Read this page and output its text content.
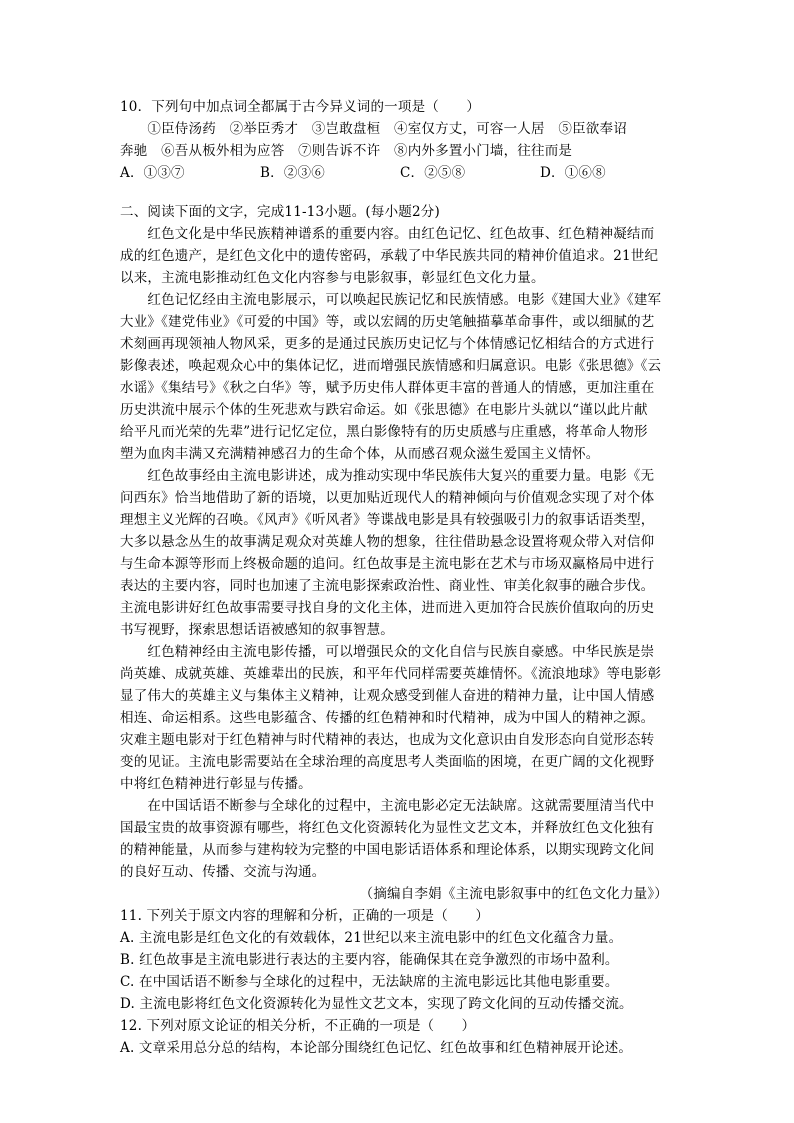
10．下列句中加点词全都属于古今异义词的一项是（　　）
　　①臣侍汤药　②举臣秀才　③岂敢盘桓　④室仅方丈，可容一人居　⑤臣欲奉诏
奔驰　⑥吾从板外相为应答　⑦则告诉不许　⑧内外多置小门墙，往往而是
A．①③⑦	B．②③⑥	C．②⑤⑧	D．①⑥⑧
二、阅读下面的文字，完成11-13小题。(每小题2分)
　　红色文化是中华民族精神谱系的重要内容。由红色记忆、红色故事、红色精神凝结而
成的红色遗产，是红色文化中的遗传密码，承载了中华民族共同的精神价值追求。21世纪
以来，主流电影推动红色文化内容参与电影叙事，彰显红色文化力量。
　　红色记忆经由主流电影展示，可以唤起民族记忆和民族情感。电影《建国大业》《建军
大业》《建党伟业》《可爱的中国》等，或以宏阔的历史笔触描摹革命事件，或以细腻的艺
术刻画再现领袖人物风采，更多的是通过民族历史记忆与个体情感记忆相结合的方式进行
影像表述，唤起观众心中的集体记忆，进而增强民族情感和归属意识。电影《张思德》《云
水谣》《集结号》《秋之白华》等，赋予历史伟人群体更丰富的普通人的情感，更加注重在
历史洪流中展示个体的生死悲欢与跌宕命运。如《张思德》在电影片头就以“谨以此片献
给平凡而光荣的先辈”进行记忆定位，黑白影像特有的历史质感与庄重感，将革命人物形
塑为血肉丰满又充满精神感召力的生命个体，从而感召观众滋生爱国主义情怀。
　　红色故事经由主流电影讲述，成为推动实现中华民族伟大复兴的重要力量。电影《无
问西东》恰当地借助了新的语境，以更加贴近现代人的精神倾向与价值观念实现了对个体
理想主义光辉的召唤。《风声》《听风者》等谍战电影是具有较强吸引力的叙事话语类型，
大多以悬念丛生的故事满足观众对英雄人物的想象，往往借助悬念设置将观众带入对信仰
与生命本源等形而上终极命题的追问。红色故事是主流电影在艺术与市场双赢格局中进行
表达的主要内容，同时也加速了主流电影探索政治性、商业性、审美化叙事的融合步伐。
主流电影讲好红色故事需要寻找自身的文化主体，进而进入更加符合民族价值取向的历史
书写视野，探索思想话语被感知的叙事智慧。
　　红色精神经由主流电影传播，可以增强民众的文化自信与民族自豪感。中华民族是崇
尚英雄、成就英雄、英雄辈出的民族，和平年代同样需要英雄情怀。《流浪地球》等电影彰
显了伟大的英雄主义与集体主义精神，让观众感受到催人奋进的精神力量，让中国人情感
相连、命运相系。这些电影蕴含、传播的红色精神和时代精神，成为中国人的精神之源。
灾难主题电影对于红色精神与时代精神的表达，也成为文化意识由自发形态向自觉形态转
变的见证。主流电影需要站在全球治理的高度思考人类面临的困境，在更广阔的文化视野
中将红色精神进行彰显与传播。
　　在中国话语不断参与全球化的过程中，主流电影必定无法缺席。这就需要厘清当代中
国最宝贵的故事资源有哪些，将红色文化资源转化为显性文艺文本，并释放红色文化独有
的精神能量，从而参与建构较为完整的中国电影话语体系和理论体系，以期实现跨文化间
的良好互动、传播、交流与沟通。
（摘编自李娟《主流电影叙事中的红色文化力量》）
11. 下列关于原文内容的理解和分析，正确的一项是（　　）
A. 主流电影是红色文化的有效载体，21世纪以来主流电影中的红色文化蕴含力量。
B. 红色故事是主流电影进行表达的主要内容，能确保其在竞争激烈的市场中盈利。
C. 在中国话语不断参与全球化的过程中，无法缺席的主流电影远比其他电影重要。
D. 主流电影将红色文化资源转化为显性文艺文本，实现了跨文化间的互动传播交流。
12. 下列对原文论证的相关分析，不正确的一项是（　　）
A. 文章采用总分总的结构，本论部分围绕红色记忆、红色故事和红色精神展开论述。
